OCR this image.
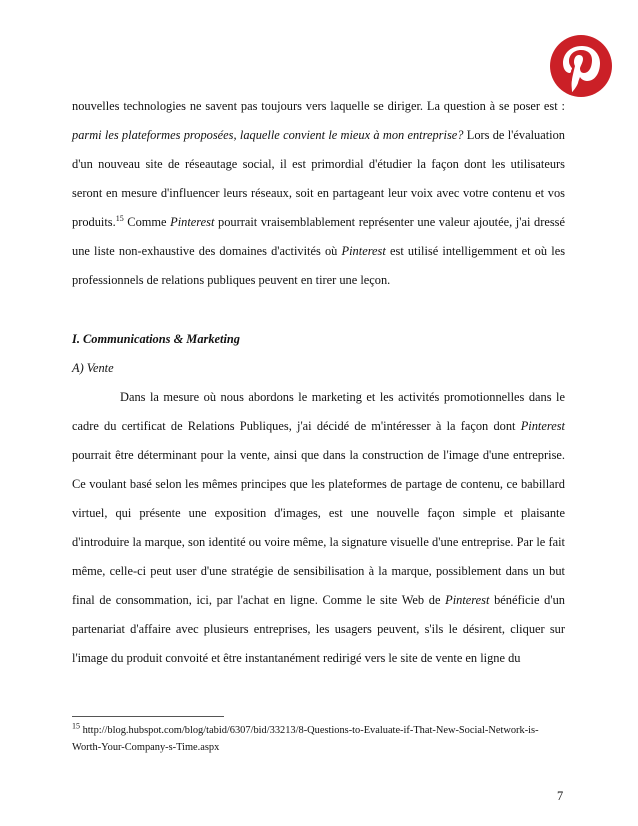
nouvelles technologies ne savent pas toujours vers laquelle se diriger. La question à se poser est : parmi les plateformes proposées, laquelle convient le mieux à mon entreprise? Lors de l'évaluation d'un nouveau site de réseautage social, il est primordial d'étudier la façon dont les utilisateurs seront en mesure d'influencer leurs réseaux, soit en partageant leur voix avec votre contenu et vos produits.$^{15}$ Comme Pinterest pourrait vraisemblablement représenter une valeur ajoutée, j'ai dressé une liste non-exhaustive des domaines d'activités où Pinterest est utilisé intelligemment et où les professionnels de relations publiques peuvent en tirer une leçon.

I. Communications & Marketing

A) Vente

Dans la mesure où nous abordons le marketing et les activités promotionnelles dans le cadre du certificat de Relations Publiques, j'ai décidé de m'intéresser à la façon dont Pinterest pourrait être déterminant pour la vente, ainsi que dans la construction de l'image d'une entreprise. Ce voulant basé selon les mêmes principes que les plateformes de partage de contenu, ce babillard virtuel, qui présente une exposition d'images, est une nouvelle façon simple et plaisante d'introduire la marque, son identité ou voire même, la signature visuelle d'une entreprise. Par le fait même, celle-ci peut user d'une stratégie de sensibilisation à la marque, possiblement dans un but final de consommation, ici, par l'achat en ligne. Comme le site Web de Pinterest bénéficie d'un partenariat d'affaire avec plusieurs entreprises, les usagers peuvent, s'ils le désirent, cliquer sur l'image du produit convoité et être instantanément redirigé vers le site de vente en ligne du

$^{15}$ http://blog.hubspot.com/blog/tabid/6307/bid/33213/8-Questions-to-Evaluate-if-That-New-Social-Network-is-Worth-Your-Company-s-Time.aspx

7
